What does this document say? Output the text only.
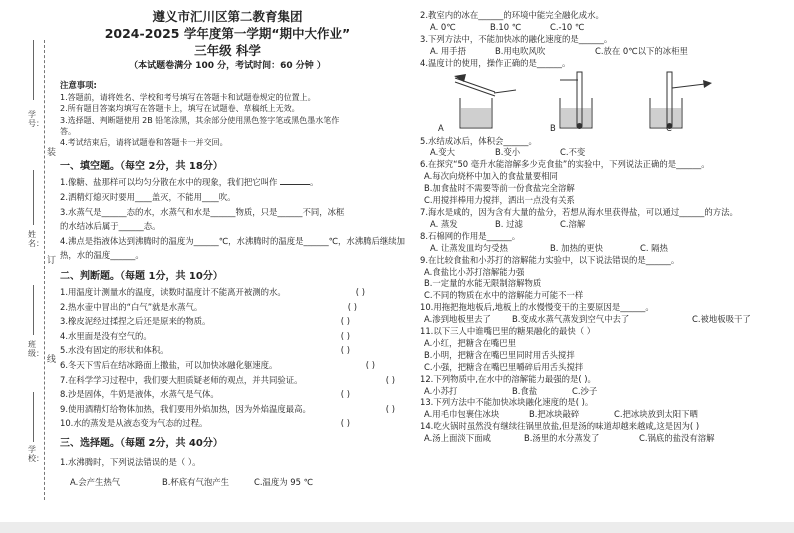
学号：
姓名：
班级：
学校：
装
订
线
遵义市汇川区第二教育集团
2024-2025 学年度第一学期“期中大作业”
三年级 科学
（本试题卷满分 100 分，考试时间：60 分钟 ）
注意事项:
1.答题前，请将姓名、学校和考号填写在答题卡和试题卷规定的位置上。
2.所有题目答案均填写在答题卡上，填写在试题卷、草稿纸上无效。
3.选择题、判断题使用 2B 铅笔涂黑，其余部分使用黑色签字笔或黑色墨水笔作
答。
4.考试结束后，请将试题卷和答题卡一并交回。
一、填空题。（每空 2分，共 18分）
1.像糖、盐那样可以均匀分散在水中的现象，我们把它叫作	。
2.洒精灯熄灭时要用____盖灭，不能用____吹。
3.水蒸气是______态的水，水蒸气和水是______物质，只是______不同，冰框
的水结冰后属于______态。
4.沸点是指液体达到沸腾时的温度为______℃，水沸腾时的温度是______℃，水沸腾后继续加
热，水的温度______。
二、判断题。（每题 1分，共 10分）
1.用温度计测量水的温度，读数时温度计不能离开被测的水。	( )
2.热水壶中冒出的“白气”就是水蒸气。	( )
3.橡皮泥经过揉捏之后还是原来的物质。	( )
4.水里面是没有空气的。	( )
5.水没有固定的形状和体积。	( )
6.冬天下雪后在结冰路面上撒盐，可以加快冰融化躯速度。	( )
7.在科学学习过程中，我们要大胆质疑老师的观点，并共同验证。	( )
8.沙是固体，牛奶是液体，水蒸气是气体。	( )
9.使用酒精灯给物体加热，我们要用外焰加热，因为外焰温度最高。	( )
10.水的蒸发是从液态变为气态的过程。	( )
三、选择题。（每题 2分，共 40分）
1.水沸腾时，下列说法错误的是（ ）。
A.会产生热气	B.杯底有气泡产生	C.温度为 95 ℃
2.教室内的冰在______的环境中能完全融化成水。
A. 0℃	B.10 ℃	C.-10 ℃
3.下列方法中，不能加快冰的融化速度的是______。
A. 用手捂	B.用电吹风吹	C.放在 0℃以下的冰柜里
4.温度计的使用，操作正确的是______。
A	B	C
5.水结成冰后，体积会______。
A.变大	B.变小	C.不变
6.在探究“50 毫升水能溶解多少克食盐”的实验中，下列说法正确的是______。
A.每次向烧杯中加入的食盐量要相同
B.加食盐时不需要等前一份食盐完全溶解
C.用搅拌棒用力搅拌，洒出一点没有关系
7.海水是咸的，因为含有大量的盐分，若想从海水里获得盐，可以通过______的方法。
A. 蒸发	B. 过滤	C.溶解
8.石棉网的作用是______。
A. 让蒸发皿均匀受热	B. 加热的更快	C. 隔热
9.在比较食盐和小苏打的溶解能力实验中，以下说法错误的是______。
A.食盐比小苏打溶解能力强
B.一定量的水能无限制溶解物质
C.不同的物质在水中的溶解能力可能不一样
10.用拖把拖地板后,地板上的水慢慢变干的主要原因是______。
A.渗到地板里去了	B.变成水蒸气蒸发到空气中去了	C.被地板吸干了
11.以下三人中谁嘴巴里的糖果融化的最快（ ）
A.小红，把糖含在嘴巴里
B.小明，把糖含在嘴巴里同时用舌头搅拌
C.小强，把糖含在嘴巴里嚼碎后用舌头搅拌
12.下列物质中,在水中的溶解能力最强的是( )。
A.小苏打	B.食盐	C.沙子
13.下列方法中不能加快冰块融化速度的是( )。
A.用毛巾包裹住冰块	B.把冰块敲碎	C.把冰块放到太阳下晒
14.吃火锅时虽然没有继续往锅里放盐,但是汤的味道却越来越咸,这是因为( )
A.汤上面淡下面咸	B.汤里的水分蒸发了	C.锅底的盐没有溶解
